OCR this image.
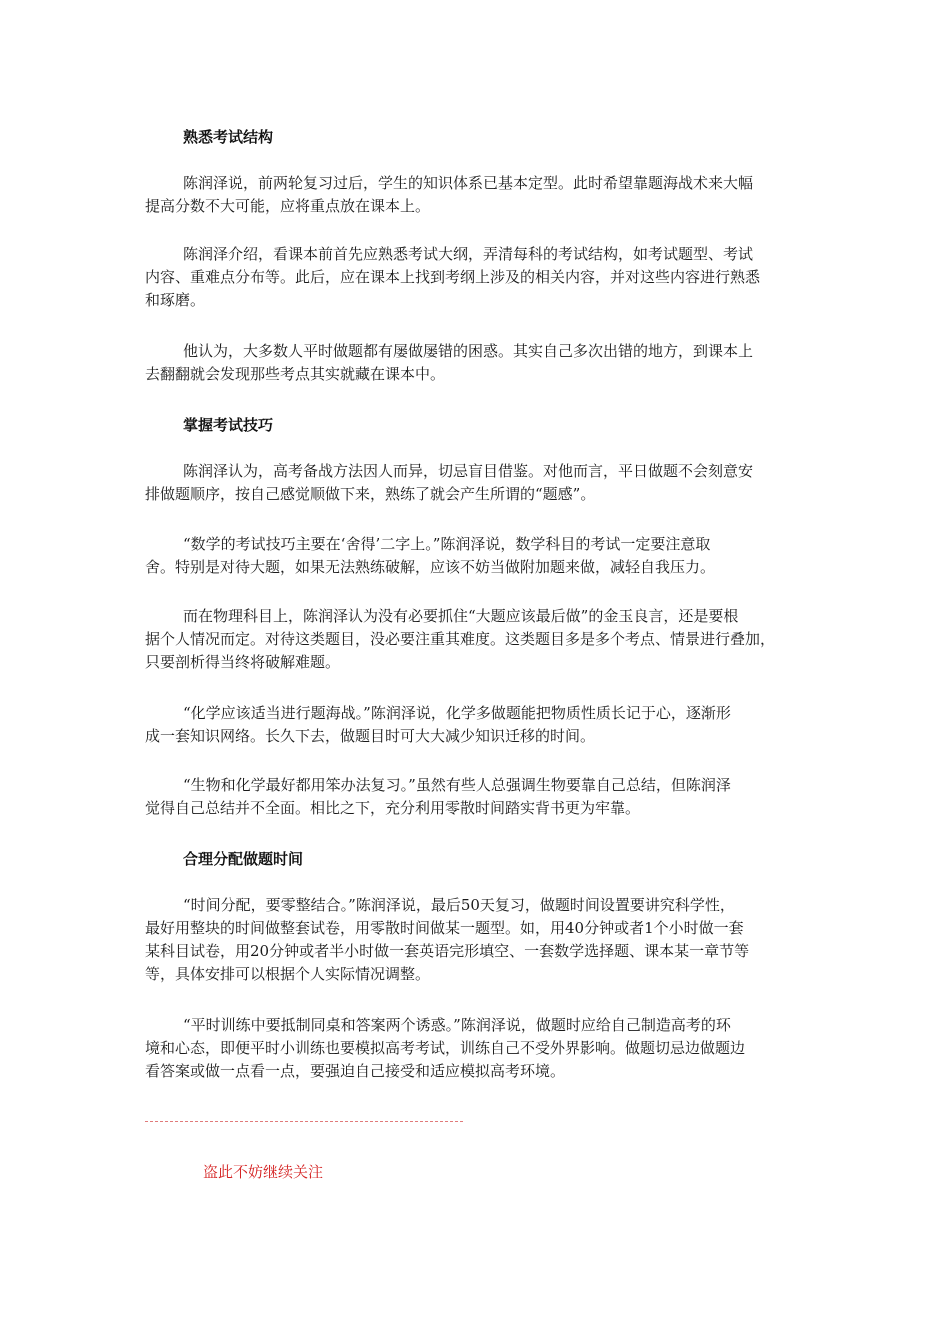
熟悉考试结构
陈润泽说，前两轮复习过后，学生的知识体系已基本定型。此时希望靠题海战术来大幅
提高分数不大可能，应将重点放在课本上。
陈润泽介绍，看课本前首先应熟悉考试大纲，弄清每科的考试结构，如考试题型、考试
内容、重难点分布等。此后，应在课本上找到考纲上涉及的相关内容，并对这些内容进行熟悉
和琢磨。
他认为，大多数人平时做题都有屡做屡错的困惑。其实自己多次出错的地方，到课本上
去翻翻就会发现那些考点其实就藏在课本中。
掌握考试技巧
陈润泽认为，高考备战方法因人而异，切忌盲目借鉴。对他而言，平日做题不会刻意安
排做题顺序，按自己感觉顺做下来，熟练了就会产生所谓的“题感”。
“数学的考试技巧主要在‘舍得’二字上。”陈润泽说，数学科目的考试一定要注意取
舍。特别是对待大题，如果无法熟练破解，应该不妨当做附加题来做，减轻自我压力。
而在物理科目上，陈润泽认为没有必要抓住“大题应该最后做”的金玉良言，还是要根
据个人情况而定。对待这类题目，没必要注重其难度。这类题目多是多个考点、情景进行叠加，
只要剖析得当终将破解难题。
“化学应该适当进行题海战。”陈润泽说，化学多做题能把物质性质长记于心，逐渐形
成一套知识网络。长久下去，做题目时可大大减少知识迁移的时间。
“生物和化学最好都用笨办法复习。”虽然有些人总强调生物要靠自己总结，但陈润泽
觉得自己总结并不全面。相比之下，充分利用零散时间踏实背书更为牢靠。
合理分配做题时间
“时间分配，要零整结合。”陈润泽说，最后50天复习，做题时间设置要讲究科学性，
最好用整块的时间做整套试卷，用零散时间做某一题型。如，用40分钟或者1个小时做一套
某科目试卷，用20分钟或者半小时做一套英语完形填空、一套数学选择题、课本某一章节等
等，具体安排可以根据个人实际情况调整。
“平时训练中要抵制同桌和答案两个诱惑。”陈润泽说，做题时应给自己制造高考的环
境和心态，即便平时小训练也要模拟高考考试，训练自己不受外界影响。做题切忌边做题边
看答案或做一点看一点，要强迫自己接受和适应模拟高考环境。
盗此不妨继续关注
